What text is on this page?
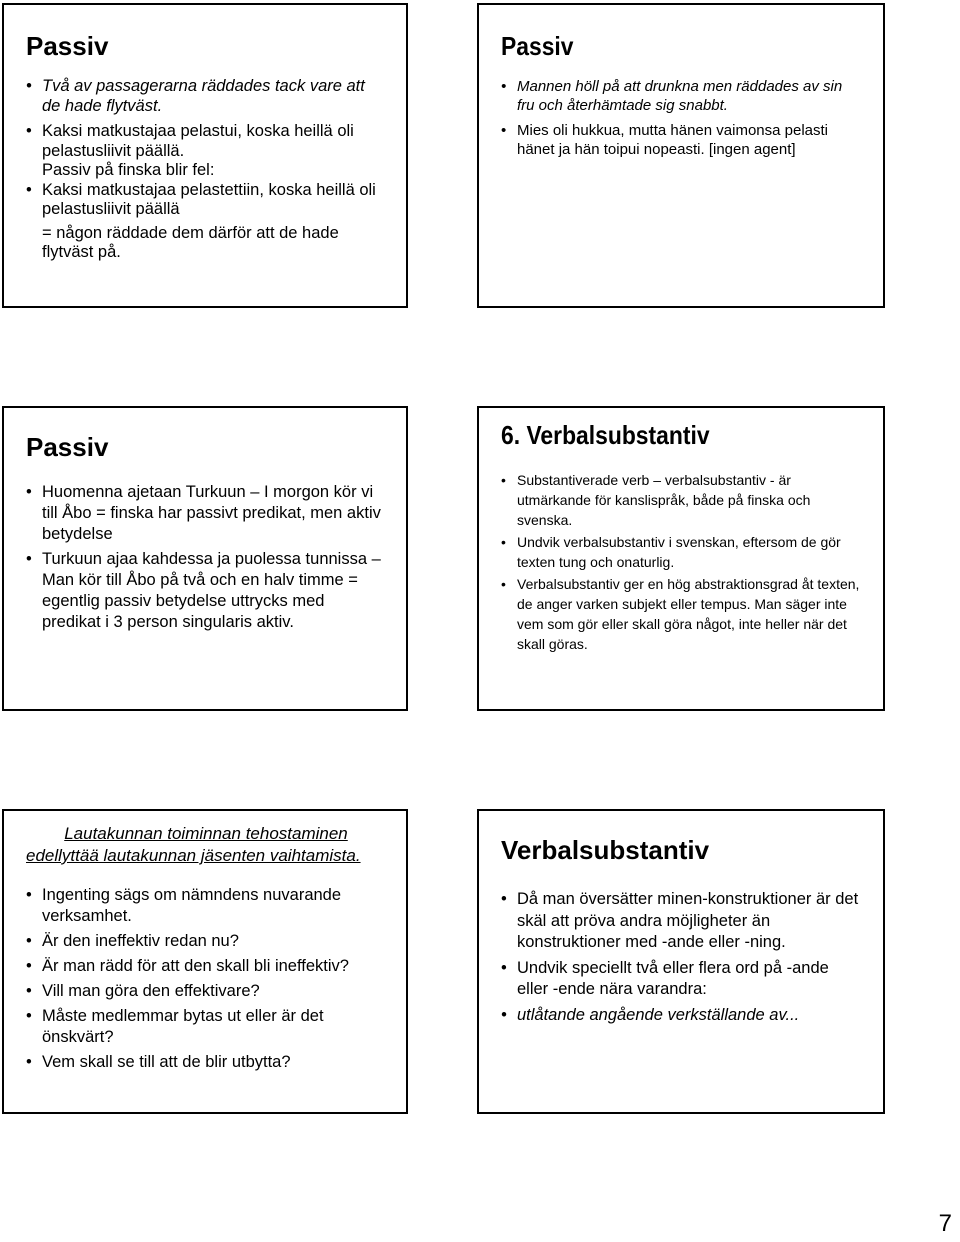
Passiv
• Två av passagerarna räddades tack vare att de hade flytväst.
• Kaksi matkustajaa pelastui, koska heillä oli pelastusliivit päällä.
Passiv på finska blir fel:
• Kaksi matkustajaa pelastettiin, koska heillä oli pelastusliivit päällä
= någon räddade dem därför att de hade flytväst på.
Passiv
• Mannen höll på att drunkna men räddades av sin fru och återhämtade sig snabbt.
• Mies oli hukkua, mutta hänen vaimonsa pelasti hänet ja hän toipui nopeasti. [ingen agent]
Passiv
• Huomenna ajetaan Turkuun – I morgon kör vi till Åbo = finska har passivt predikat, men aktiv betydelse
• Turkuun ajaa kahdessa ja puolessa tunnissa – Man kör till Åbo på två och en halv timme = egentlig passiv betydelse uttrycks med predikat i 3 person singularis aktiv.
6. Verbalsubstantiv
• Substantiverade verb – verbalsubstantiv - är utmärkande för kanslispråk, både på finska och svenska.
• Undvik verbalsubstantiv i svenskan, eftersom de gör texten tung och onaturlig.
• Verbalsubstantiv ger en hög abstraktionsgrad åt texten, de anger varken subjekt eller tempus. Man säger inte vem som gör eller skall göra något, inte heller när det skall göras.
Lautakunnan toiminnan tehostaminen
edellyttää lautakunnan jäsenten vaihtamista.
• Ingenting sägs om nämndens nuvarande verksamhet.
• Är den ineffektiv redan nu?
• Är man rädd för att den skall bli ineffektiv?
• Vill man göra den effektivare?
• Måste medlemmar bytas ut eller är det önskvärt?
• Vem skall se till att de blir utbytta?
Verbalsubstantiv
• Då man översätter minen-konstruktioner är det skäl att pröva andra möjligheter än konstruktioner med -ande eller -ning.
• Undvik speciellt två eller flera ord på -ande eller -ende nära varandra:
• utlåtande angående verkställande av...
7
